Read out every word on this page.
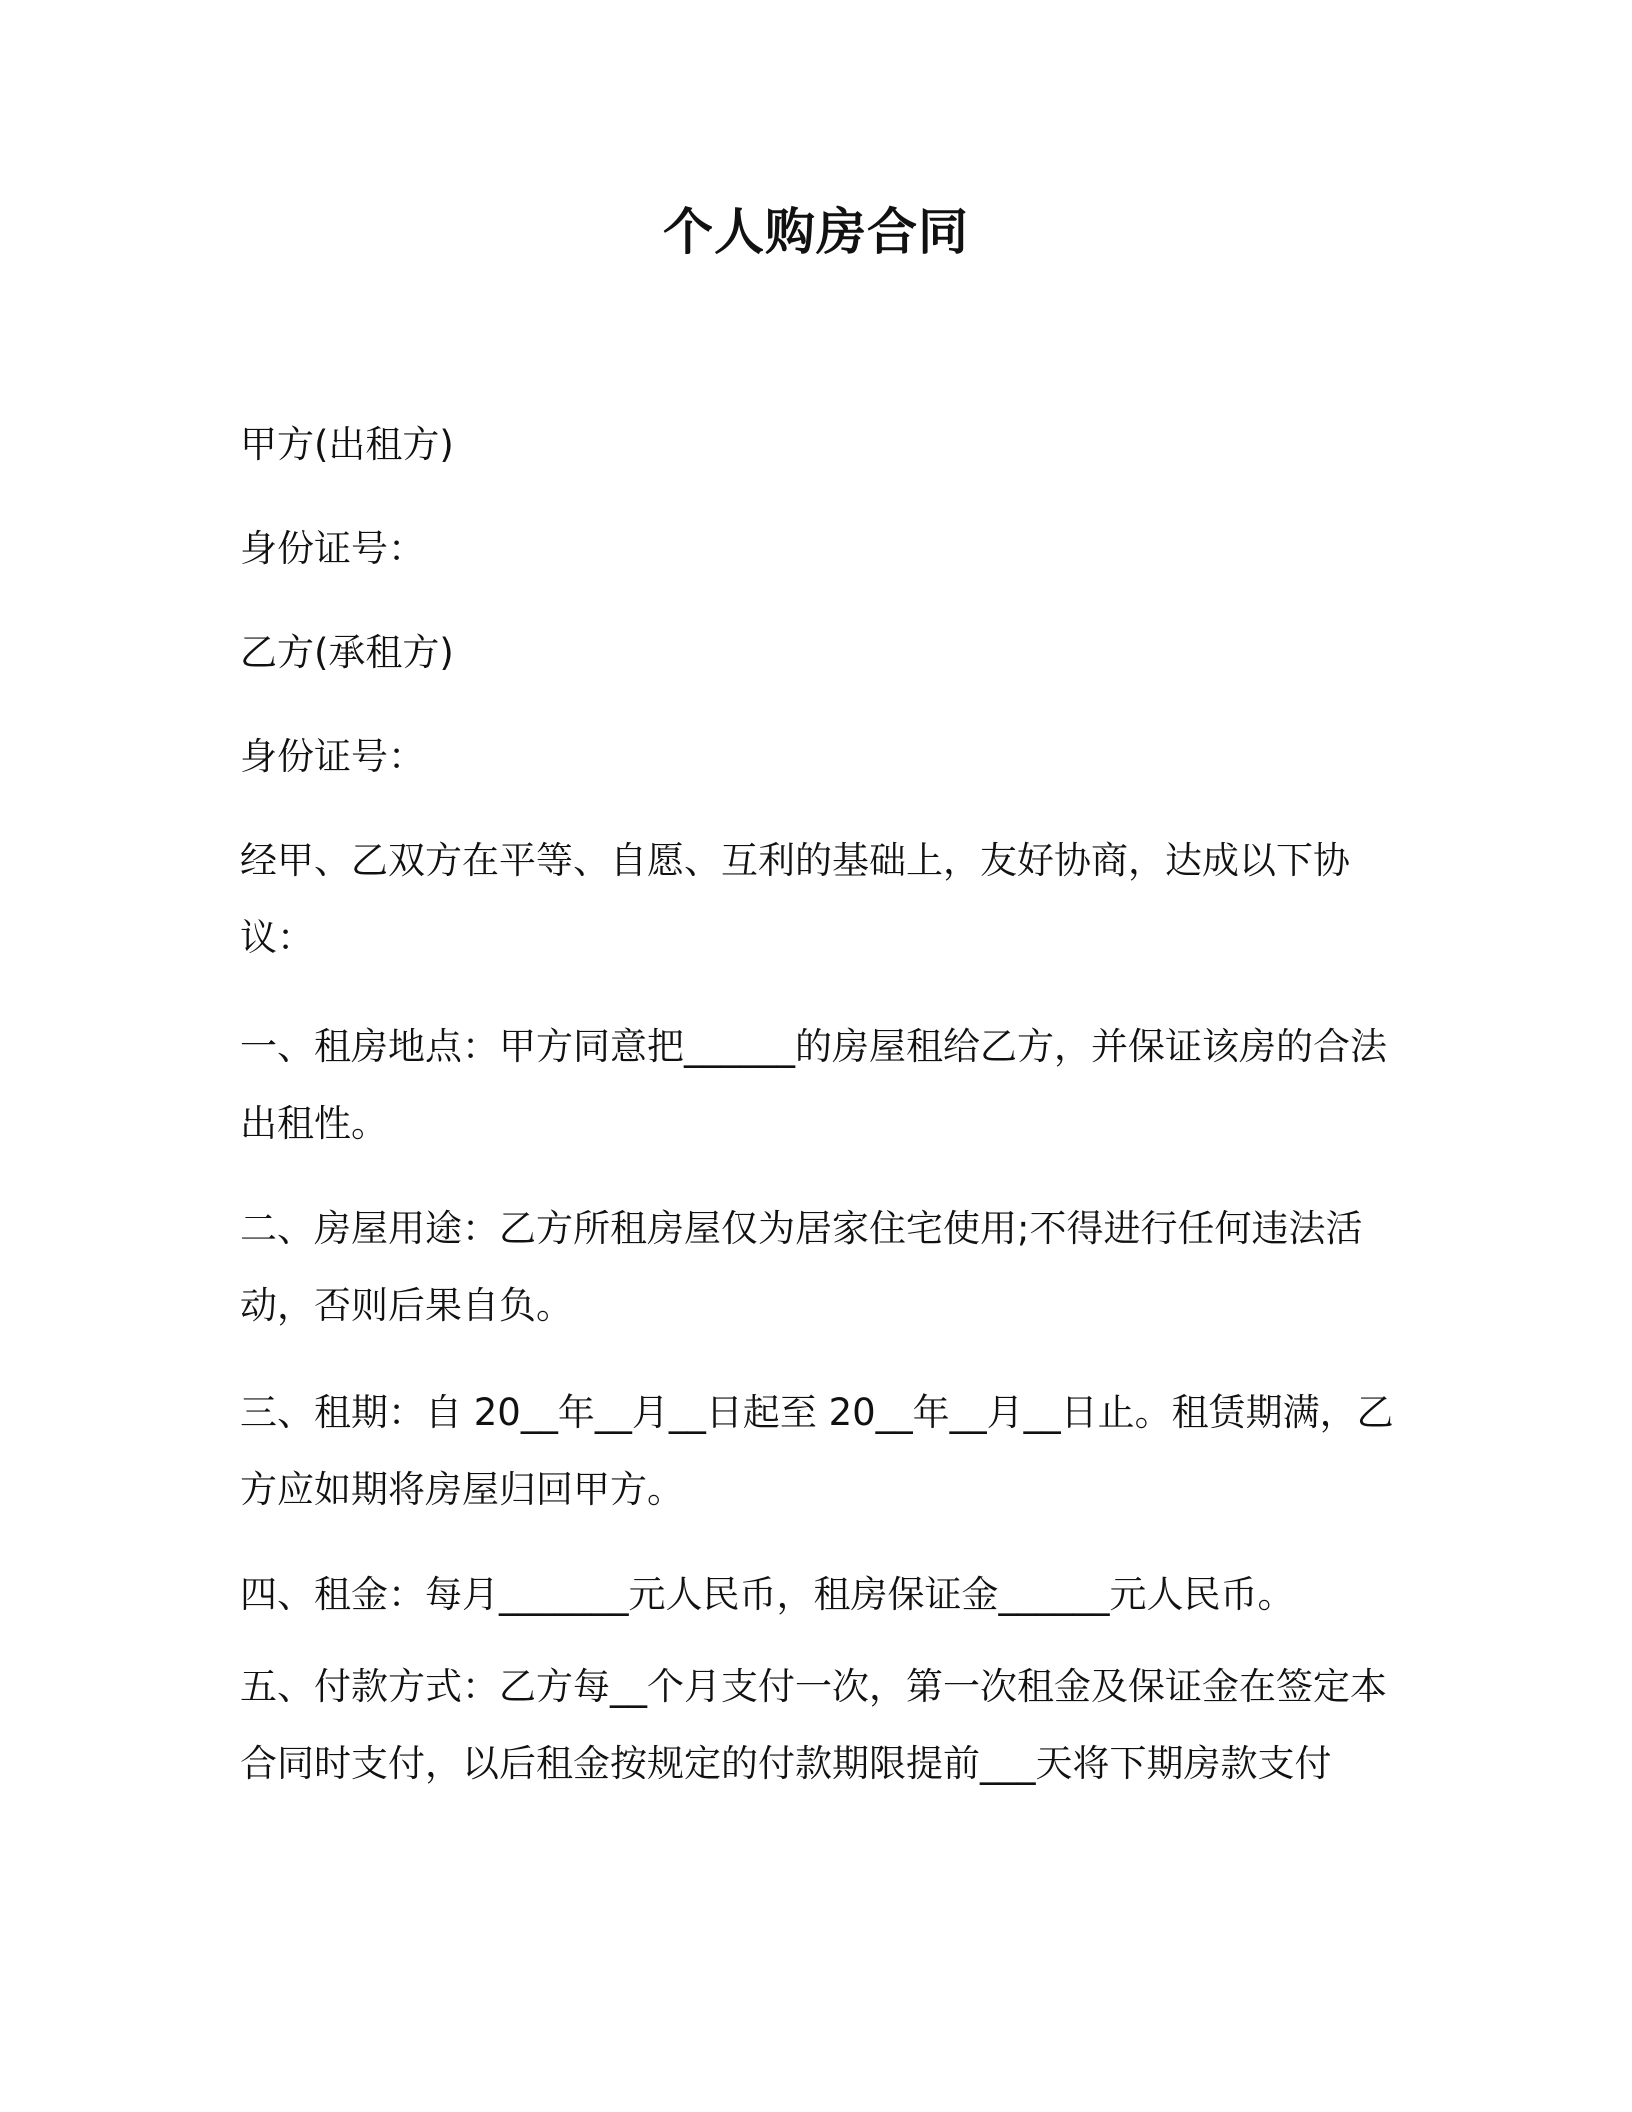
个人购房合同

甲方(出租方)

身份证号：

乙方(承租方)

身份证号：

经甲、乙双方在平等、自愿、互利的基础上，友好协商，达成以下协议：

一、租房地点：甲方同意把______的房屋租给乙方，并保证该房的合法出租性。

二、房屋用途：乙方所租房屋仅为居家住宅使用;不得进行任何违法活动，否则后果自负。

三、租期：自 20__年__月__日起至 20__年__月__日止。租赁期满，乙方应如期将房屋归回甲方。

四、租金：每月_______元人民币，租房保证金______元人民币。

五、付款方式：乙方每__个月支付一次，第一次租金及保证金在签定本合同时支付，以后租金按规定的付款期限提前___天将下期房款支付
